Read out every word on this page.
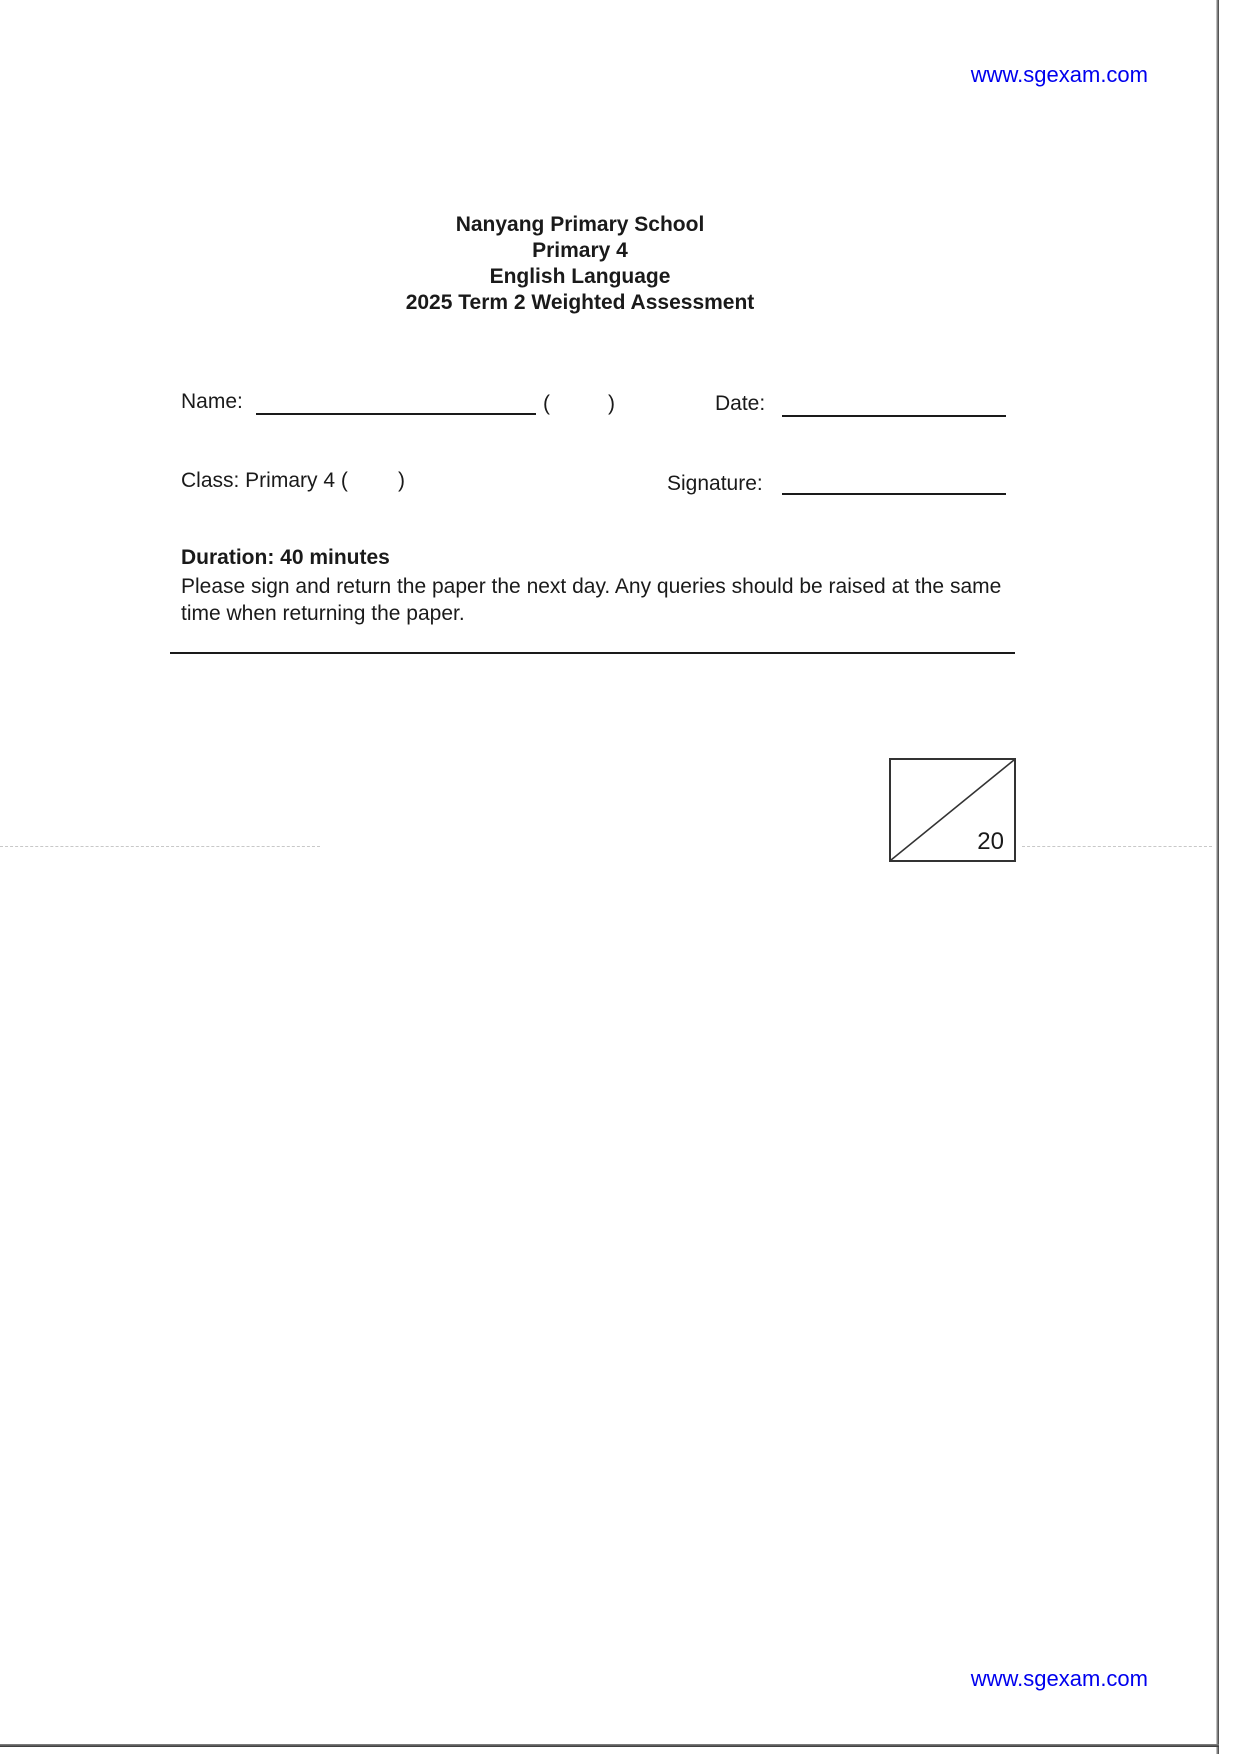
www.sgexam.com
Nanyang Primary School
Primary 4
English Language
2025 Term 2 Weighted Assessment
Name:	(	)	Date:
Class: Primary 4 ( )	Signature:
Duration: 40 minutes
Please sign and return the paper the next day. Any queries should be raised at the same time when returning the paper.
20
www.sgexam.com
